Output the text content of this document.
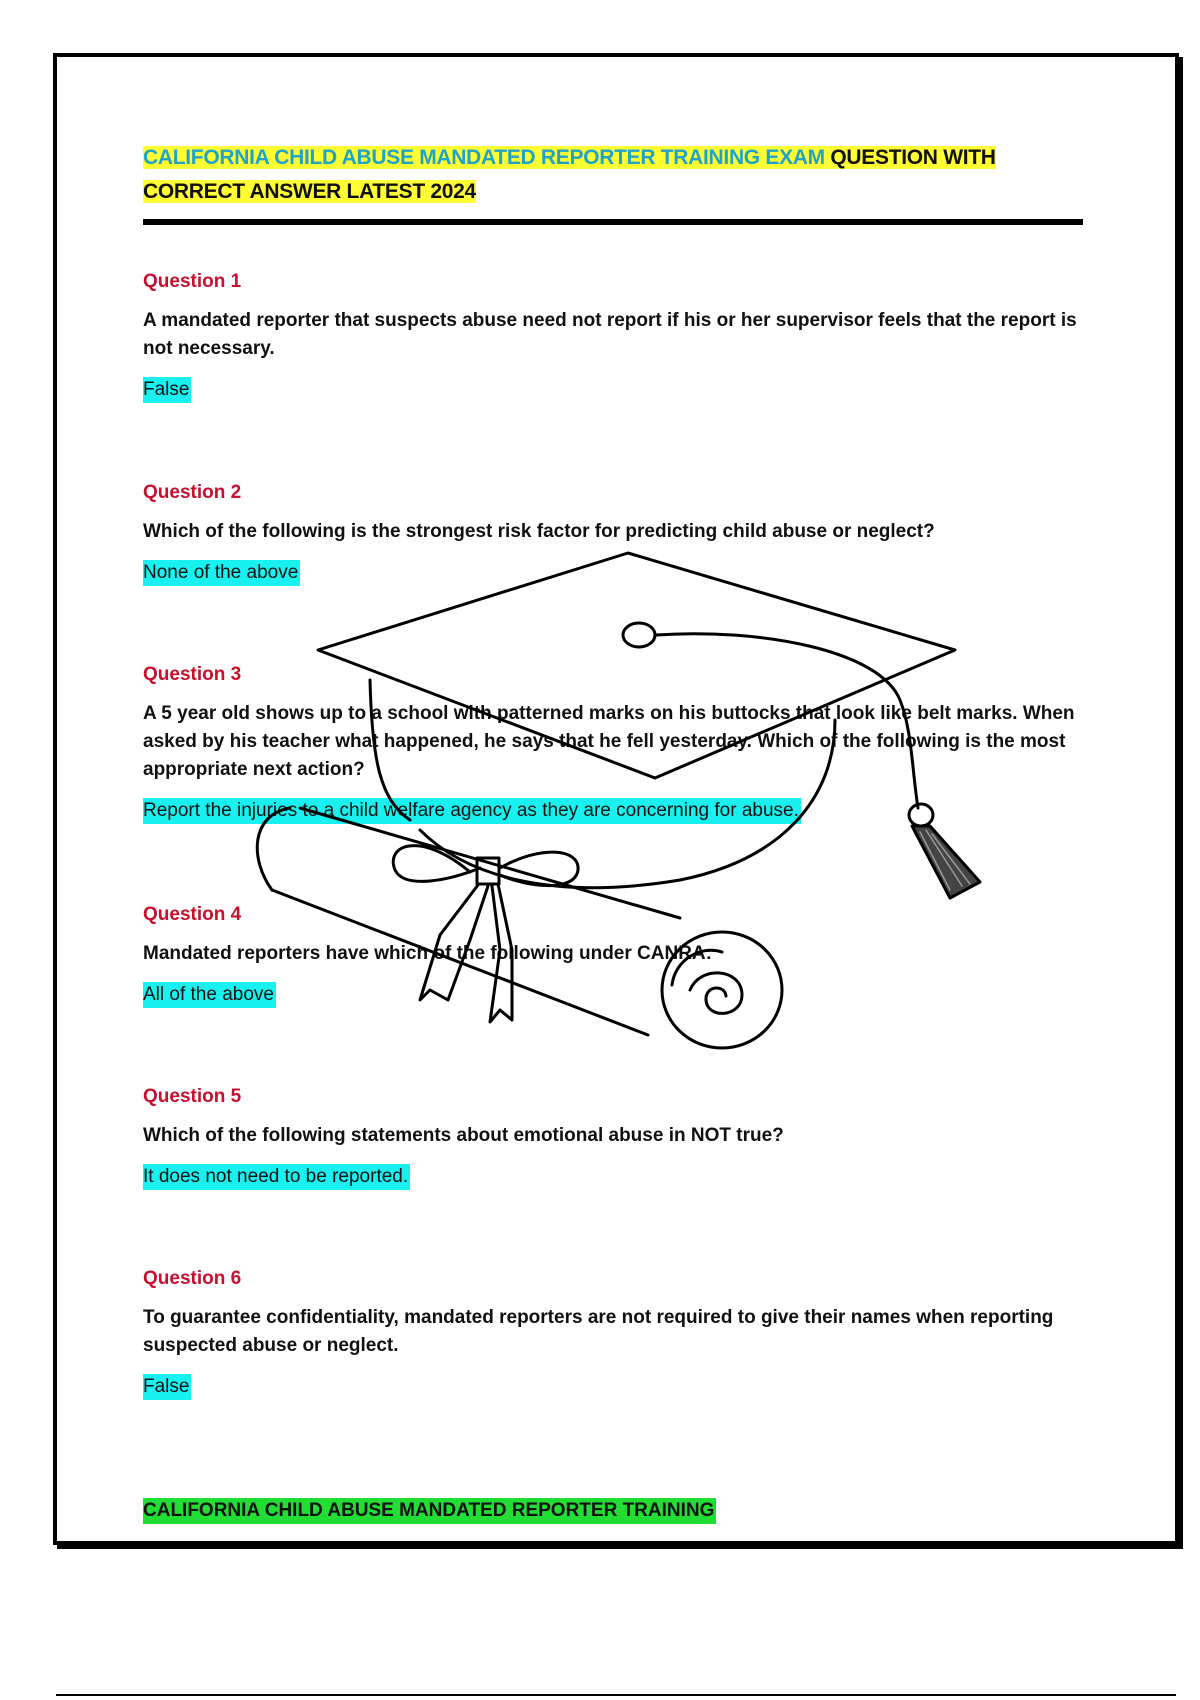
CALIFORNIA CHILD ABUSE MANDATED REPORTER TRAINING EXAM QUESTION WITH CORRECT ANSWER LATEST 2024

Question 1

A mandated reporter that suspects abuse need not report if his or her supervisor feels that the report is not necessary.

False

Question 2

Which of the following is the strongest risk factor for predicting child abuse or neglect?

None of the above

Question 3

A 5 year old shows up to a school with patterned marks on his buttocks that look like belt marks. When asked by his teacher what happened, he says that he fell yesterday. Which of the following is the most appropriate next action?

Report the injuries to a child welfare agency as they are concerning for abuse.

Question 4

Mandated reporters have which of the following under CANRA:

All of the above

Question 5

Which of the following statements about emotional abuse in NOT true?

It does not need to be reported.

Question 6

To guarantee confidentiality, mandated reporters are not required to give their names when reporting suspected abuse or neglect.

False
CALIFORNIA CHILD ABUSE MANDATED REPORTER TRAINING
